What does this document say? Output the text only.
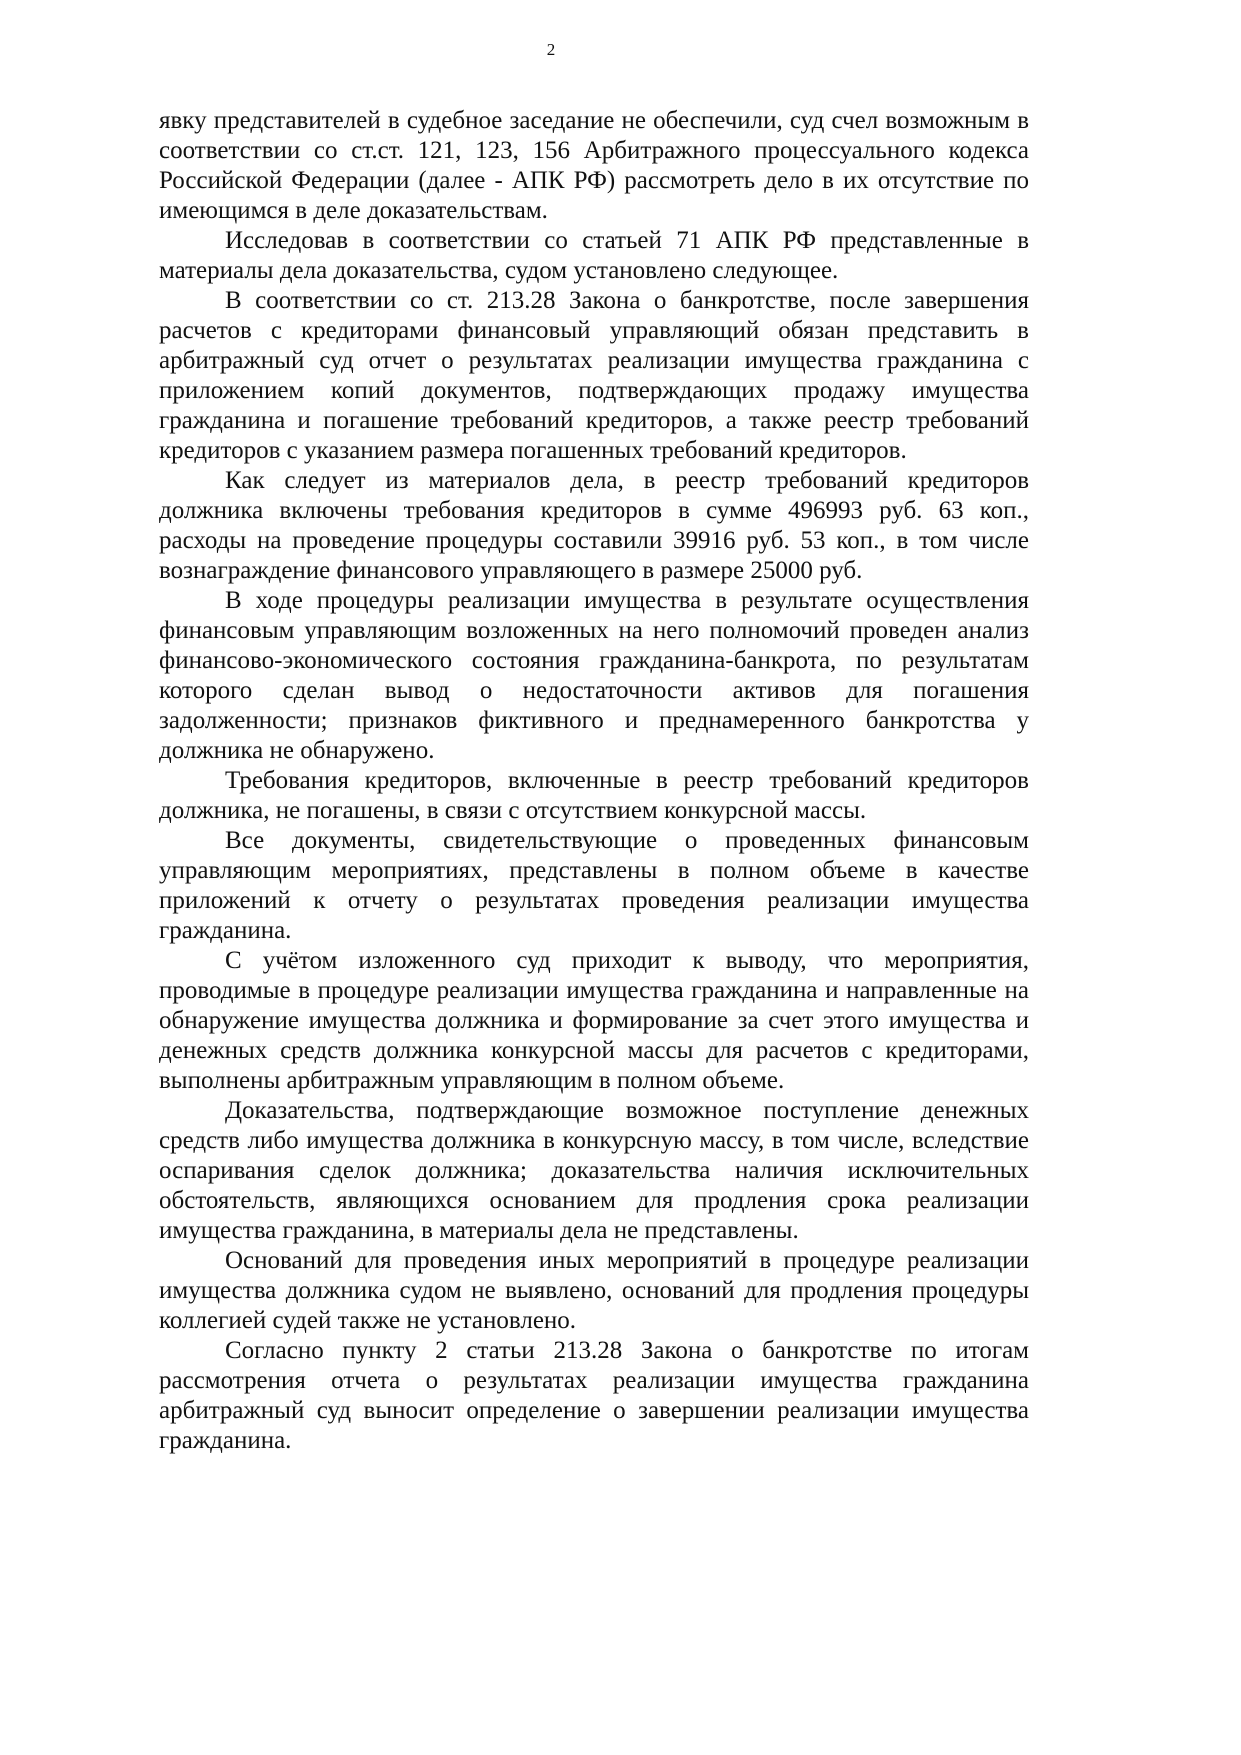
2

явку представителей в судебное заседание не обеспечили, суд счел возможным в соответствии со ст.ст. 121, 123, 156 Арбитражного процессуального кодекса Российской Федерации (далее - АПК РФ) рассмотреть дело в их отсутствие по имеющимся в деле доказательствам.

Исследовав в соответствии со статьей 71 АПК РФ представленные в материалы дела доказательства, судом установлено следующее.

В соответствии со ст. 213.28 Закона о банкротстве, после завершения расчетов с кредиторами финансовый управляющий обязан представить в арбитражный суд отчет о результатах реализации имущества гражданина с приложением копий документов, подтверждающих продажу имущества гражданина и погашение требований кредиторов, а также реестр требований кредиторов с указанием размера погашенных требований кредиторов.

Как следует из материалов дела, в реестр требований кредиторов должника включены требования кредиторов в сумме 496993 руб. 63 коп., расходы на проведение процедуры составили 39916 руб. 53 коп., в том числе вознаграждение финансового управляющего в размере 25000 руб.

В ходе процедуры реализации имущества в результате осуществления финансовым управляющим возложенных на него полномочий проведен анализ финансово-экономического состояния гражданина-банкрота, по результатам которого сделан вывод о недостаточности активов для погашения задолженности; признаков фиктивного и преднамеренного банкротства у должника не обнаружено.

Требования кредиторов, включенные в реестр требований кредиторов должника, не погашены, в связи с отсутствием конкурсной массы.

Все документы, свидетельствующие о проведенных финансовым управляющим мероприятиях, представлены в полном объеме в качестве приложений к отчету о результатах проведения реализации имущества гражданина.

С учётом изложенного суд приходит к выводу, что мероприятия, проводимые в процедуре реализации имущества гражданина и направленные на обнаружение имущества должника и формирование за счет этого имущества и денежных средств должника конкурсной массы для расчетов с кредиторами, выполнены арбитражным управляющим в полном объеме.

Доказательства, подтверждающие возможное поступление денежных средств либо имущества должника в конкурсную массу, в том числе, вследствие оспаривания сделок должника; доказательства наличия исключительных обстоятельств, являющихся основанием для продления срока реализации имущества гражданина, в материалы дела не представлены.

Оснований для проведения иных мероприятий в процедуре реализации имущества должника судом не выявлено, оснований для продления процедуры коллегией судей также не установлено.

Согласно пункту 2 статьи 213.28 Закона о банкротстве по итогам рассмотрения отчета о результатах реализации имущества гражданина арбитражный суд выносит определение о завершении реализации имущества гражданина.
